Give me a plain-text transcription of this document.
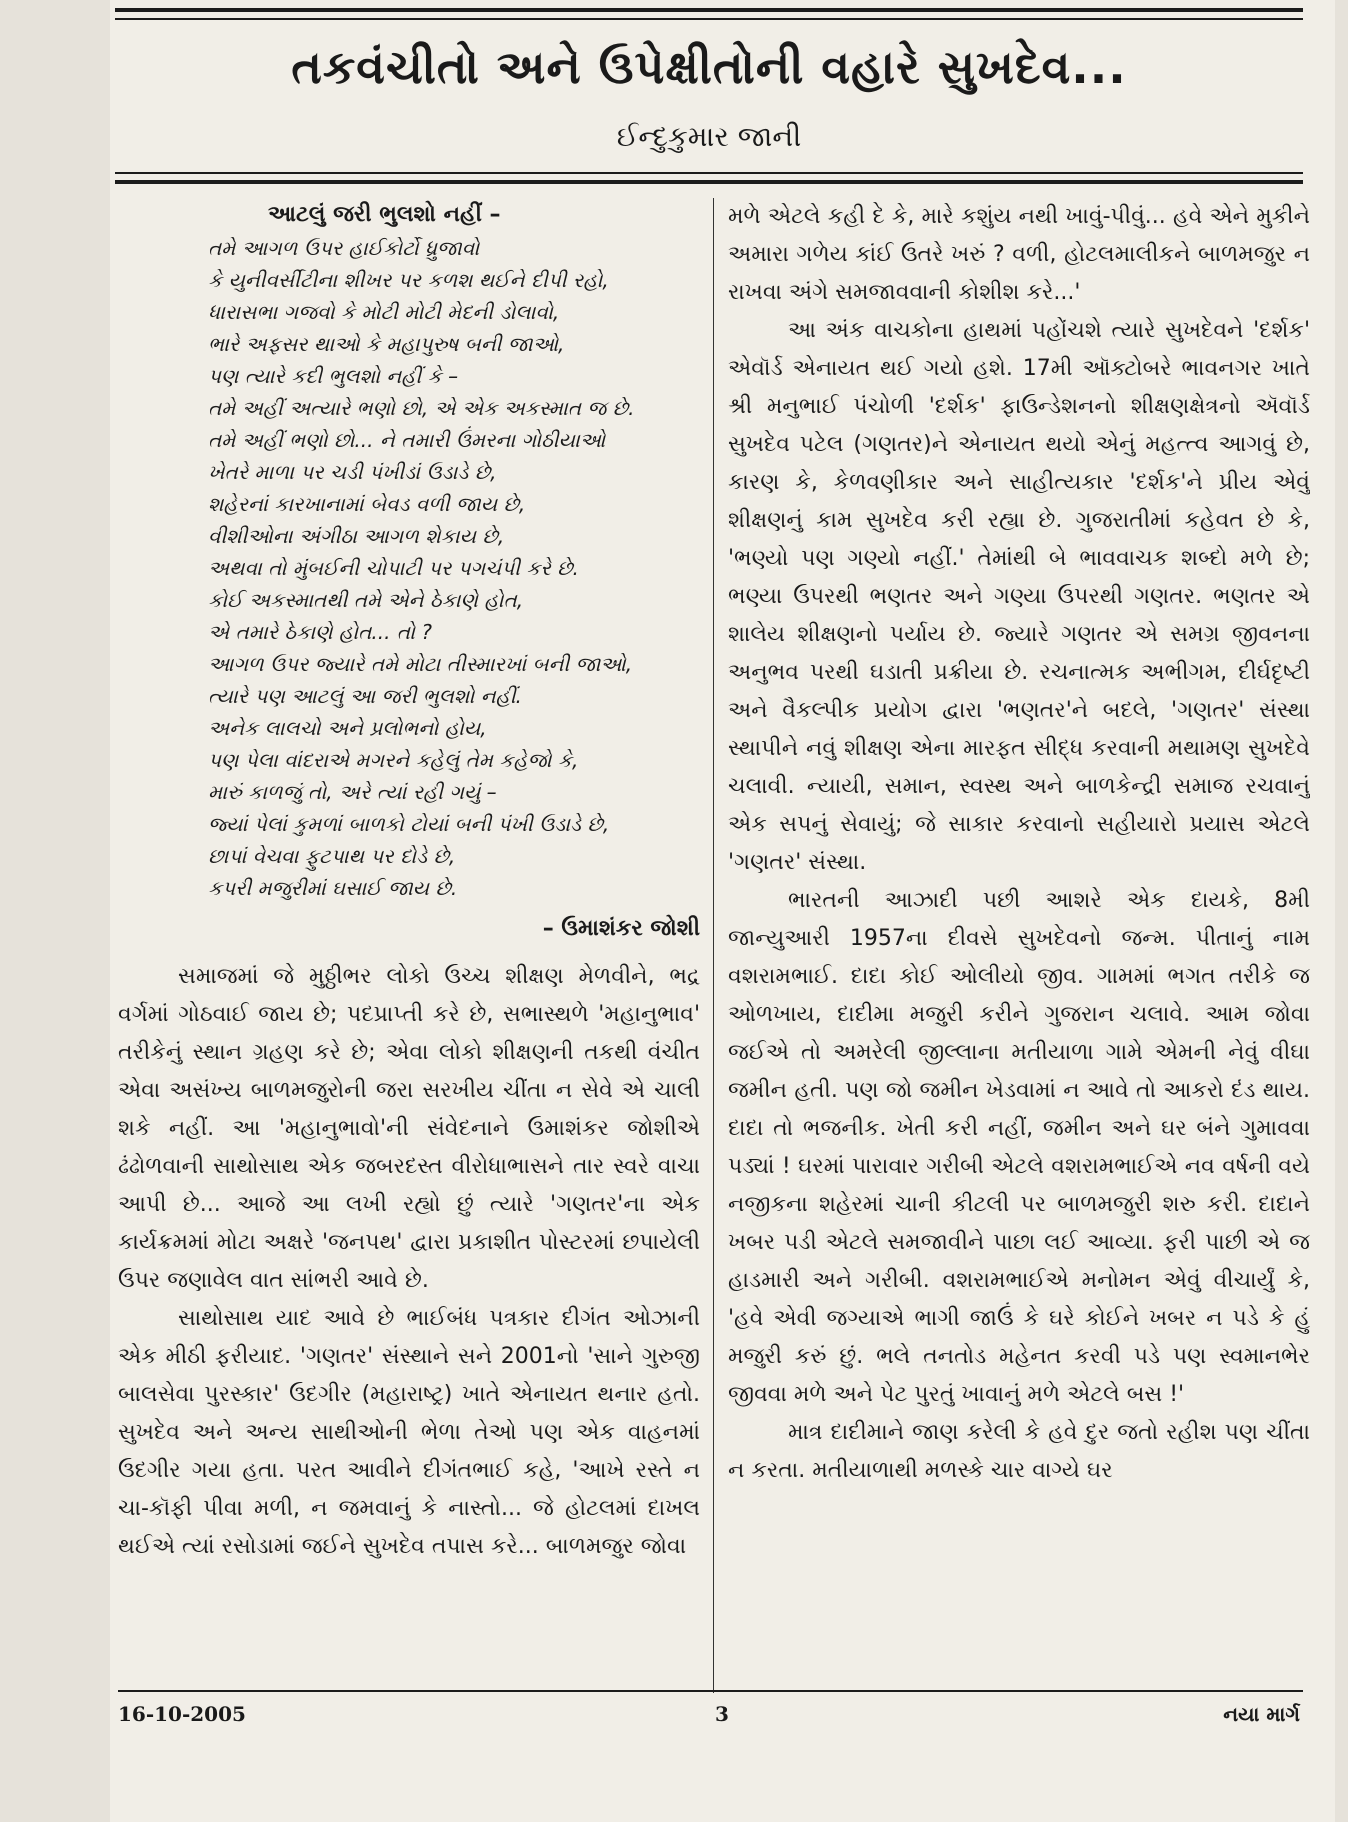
તકવંચીતો અને ઉપેક્ષીતોની વહારે સુખદેવ...
ઈન્દુકુમાર જાની
આટલું જરી ભુલશો નહીં –
તમે આગળ ઉપર હાઈકોર્ટો ધ્રુજાવો
કે યુનીવર્સીટીના શીખર પર કળશ થઈને દીપી રહો,
ધારાસભા ગજવો કે મોટી મોટી મેદની ડોલાવો,
ભારે અફસર થાઓ કે મહાપુરુષ બની જાઓ,
પણ ત્યારે કદી ભુલશો નહીં કે –
તમે અહીં અત્યારે ભણો છો, એ એક અકસ્માત જ છે.
તમે અહીં ભણો છો... ને તમારી ઉંમરના ગોઠીયાઓ
ખેતરે માળા પર ચડી પંખીડાં ઉડાડે છે,
શહેરનાં કારખાનામાં બેવડ વળી જાય છે,
વીશીઓના અંગીઠા આગળ શેકાય છે,
અથવા તો મુંબઈની ચોપાટી પર પગચંપી કરે છે.
કોઈ અકસ્માતથી તમે એને ઠેકાણે હોત,
એ તમારે ઠેકાણે હોત... તો ?
આગળ ઉપર જ્યારે તમે મોટા તીસ્મારખાં બની જાઓ,
ત્યારે પણ આટલું આ જરી ભુલશો નહીં.
અનેક લાલચો અને પ્રલોભનો હોય,
પણ પેલા વાંદરાએ મગરને કહેલું તેમ કહેજો કે,
મારું કાળજું તો, અરે ત્યાં રહી ગયું –
જ્યાં પેલાં કુમળાં બાળકો ટોયાં બની પંખી ઉડાડે છે,
છાપાં વેચવા ફુટપાથ પર દોડે છે,
કપરી મજુરીમાં ઘસાઈ જાય છે.
– ઉમાશંકર જોશી

સમાજમાં જે મુઠ્ઠીભર લોકો ઉચ્ચ શીક્ષણ મેળવીને, ભદ્ર વર્ગમાં ગોઠવાઈ જાય છે; પદપ્રાપ્તી કરે છે, સભાસ્થળે 'મહાનુભાવ' તરીકેનું સ્થાન ગ્રહણ કરે છે; એવા લોકો શીક્ષણની તકથી વંચીત એવા અસંખ્ય બાળમજુરોની જરા સરખીય ચીંતા ન સેવે એ ચાલી શકે નહીં. આ 'મહાનુભાવો'ની સંવેદનાને ઉમાશંકર જોશીએ ઢંઢોળવાની સાથોસાથ એક જબરદસ્ત વીરોધાભાસને તાર સ્વરે વાચા આપી છે... આજે આ લખી રહ્યો છું ત્યારે 'ગણતર'ના એક કાર્યક્રમમાં મોટા અક્ષરે 'જનપથ' દ્વારા પ્રકાશીત પોસ્ટરમાં છપાયેલી ઉપર જણાવેલ વાત સાંભરી આવે છે.

સાથોસાથ યાદ આવે છે ભાઈબંધ પત્રકાર દીગંત ઓઝાની એક મીઠી ફરીયાદ. 'ગણતર' સંસ્થાને સને 2001નો 'સાને ગુરુજી બાલસેવા પુરસ્કાર' ઉદગીર (મહારાષ્ટ્ર) ખાતે એનાયત થનાર હતો. સુખદેવ અને અન્ય સાથીઓની ભેળા તેઓ પણ એક વાહનમાં ઉદગીર ગયા હતા. પરત આવીને દીગંતભાઈ કહે, 'આખે રસ્તે ન ચા-કૉફી પીવા મળી, ન જમવાનું કે નાસ્તો... જે હોટલમાં દાખલ થઈએ ત્યાં રસોડામાં જઈને સુખદેવ તપાસ કરે... બાળમજુર જોવા

મળે એટલે કહી દે કે, મારે કશુંય નથી ખાવું-પીવું... હવે એને મુકીને અમારા ગળેય કાંઈ ઉતરે ખરું ? વળી, હોટલમાલીકને બાળમજુર ન રાખવા અંગે સમજાવવાની કોશીશ કરે...'

આ અંક વાચકોના હાથમાં પહોંચશે ત્યારે સુખદેવને 'દર્શક' એવૉર્ડ એનાયત થઈ ગયો હશે. 17મી ઑક્ટોબરે ભાવનગર ખાતે શ્રી મનુભાઈ પંચોળી 'દર્શક' ફાઉન્ડેશનનો શીક્ષણક્ષેત્રનો ઍવૉર્ડ સુખદેવ પટેલ (ગણતર)ને એનાયત થયો એનું મહત્ત્વ આગવું છે, કારણ કે, કેળવણીકાર અને સાહીત્યકાર 'દર્શક'ને પ્રીય એવું શીક્ષણનું કામ સુખદેવ કરી રહ્યા છે. ગુજરાતીમાં કહેવત છે કે, 'ભણ્યો પણ ગણ્યો નહીં.' તેમાંથી બે ભાવવાચક શબ્દો મળે છે; ભણ્યા ઉપરથી ભણતર અને ગણ્યા ઉપરથી ગણતર. ભણતર એ શાલેય શીક્ષણનો પર્યાય છે. જ્યારે ગણતર એ સમગ્ર જીવનના અનુભવ પરથી ઘડાતી પ્રક્રીયા છે. રચનાત્મક અભીગમ, દીર્ઘદૃષ્ટી અને વૈકલ્પીક પ્રયોગ દ્વારા 'ભણતર'ને બદલે, 'ગણતર' સંસ્થા સ્થાપીને નવું શીક્ષણ એના મારફત સીદ્ધ કરવાની મથામણ સુખદેવે ચલાવી. ન્યાયી, સમાન, સ્વસ્થ અને બાળકેન્દ્રી સમાજ રચવાનું એક સપનું સેવાયું; જે સાકાર કરવાનો સહીયારો પ્રયાસ એટલે 'ગણતર' સંસ્થા.

ભારતની આઝાદી પછી આશરે એક દાયકે, 8મી જાન્યુઆરી 1957ના દીવસે સુખદેવનો જન્મ. પીતાનું નામ વશરામભાઈ. દાદા કોઈ ઓલીયો જીવ. ગામમાં ભગત તરીકે જ ઓળખાય, દાદીમા મજુરી કરીને ગુજરાન ચલાવે. આમ જોવા જઈએ તો અમરેલી જીલ્લાના મતીયાળા ગામે એમની નેવું વીઘા જમીન હતી. પણ જો જમીન ખેડવામાં ન આવે તો આકરો દંડ થાય. દાદા તો ભજનીક. ખેતી કરી નહીં, જમીન અને ઘર બંને ગુમાવવા પડ્યાં ! ઘરમાં પારાવાર ગરીબી એટલે વશરામભાઈએ નવ વર્ષની વયે નજીકના શહેરમાં ચાની કીટલી પર બાળમજુરી શરુ કરી. દાદાને ખબર પડી એટલે સમજાવીને પાછા લઈ આવ્યા. ફરી પાછી એ જ હાડમારી અને ગરીબી. વશરામભાઈએ મનોમન એવું વીચાર્યું કે, 'હવે એવી જગ્યાએ ભાગી જાઉં કે ઘરે કોઈને ખબર ન પડે કે હું મજુરી કરું છું. ભલે તનતોડ મહેનત કરવી પડે પણ સ્વમાનભેર જીવવા મળે અને પેટ પુરતું ખાવાનું મળે એટલે બસ !'

માત્ર દાદીમાને જાણ કરેલી કે હવે દુર જતો રહીશ પણ ચીંતા ન કરતા. મતીયાળાથી મળસ્કે ચાર વાગ્યે ઘર

16-10-2005	3	નયા માર્ગ
